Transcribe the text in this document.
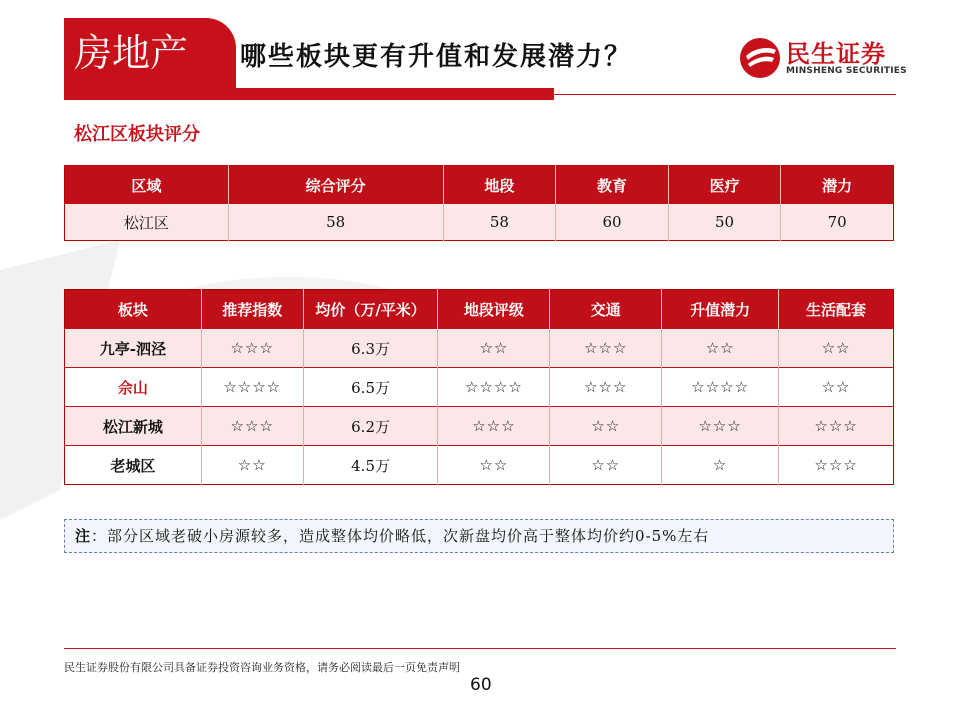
房地产	哪些板块更有升值和发展潜力？	民生证券
MINSHENG SECURITIES
松江区板块评分
区域	综合评分	地段	教育	医疗	潜力
松江区	58	58	60	50	70
板块	推荐指数	均价（万/平米）	地段评级	交通	升值潜力	生活配套
九亭-泗泾	☆☆☆	6.3万	☆☆	☆☆☆	☆☆	☆☆
佘山	☆☆☆☆	6.5万	☆☆☆☆	☆☆☆	☆☆☆☆	☆☆
松江新城	☆☆☆	6.2万	☆☆☆	☆☆	☆☆☆	☆☆☆
老城区	☆☆	4.5万	☆☆	☆☆	☆	☆☆☆
注：部分区域老破小房源较多，造成整体均价略低，次新盘均价高于整体均价约0-5%左右
民生证券股份有限公司具备证券投资咨询业务资格，请务必阅读最后一页免责声明
60
